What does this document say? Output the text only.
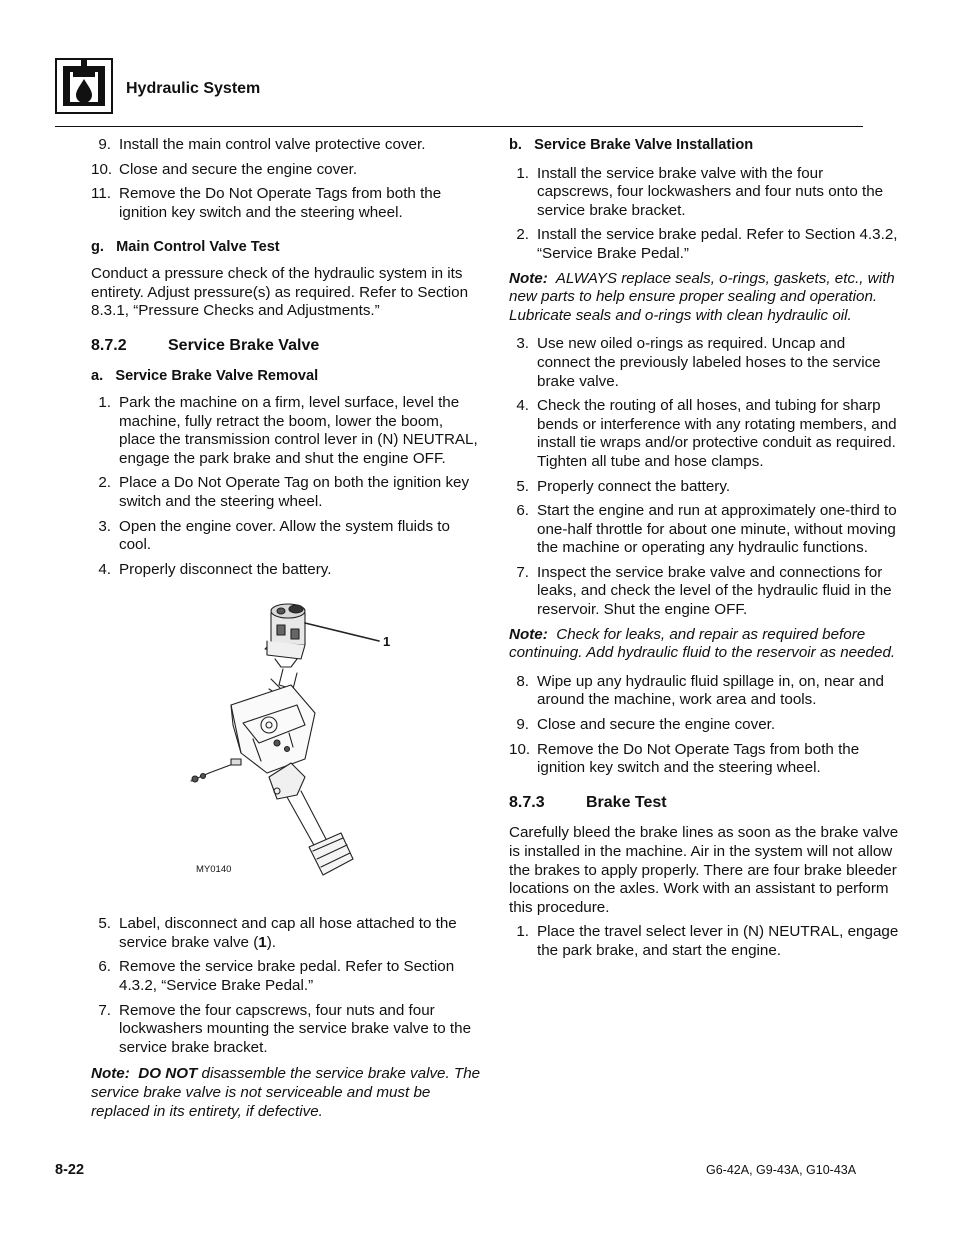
Hydraulic System
9. Install the main control valve protective cover.
10. Close and secure the engine cover.
11. Remove the Do Not Operate Tags from both the ignition key switch and the steering wheel.
g.   Main Control Valve Test
Conduct a pressure check of the hydraulic system in its entirety. Adjust pressure(s) as required. Refer to Section 8.3.1, “Pressure Checks and Adjustments.”
8.7.2	Service Brake Valve
a.   Service Brake Valve Removal
1. Park the machine on a firm, level surface, level the machine, fully retract the boom, lower the boom, place the transmission control lever in (N) NEUTRAL, engage the park brake and shut the engine OFF.
2. Place a Do Not Operate Tag on both the ignition key switch and the steering wheel.
3. Open the engine cover. Allow the system fluids to cool.
4. Properly disconnect the battery.
1
MY0140
5. Label, disconnect and cap all hose attached to the service brake valve (1).
6. Remove the service brake pedal. Refer to Section 4.3.2, “Service Brake Pedal.”
7. Remove the four capscrews, four nuts and four lockwashers mounting the service brake valve to the service brake bracket.
Note:  DO NOT disassemble the service brake valve. The service brake valve is not serviceable and must be replaced in its entirety, if defective.
b.   Service Brake Valve Installation
1. Install the service brake valve with the four capscrews, four lockwashers and four nuts onto the service brake bracket.
2. Install the service brake pedal. Refer to Section 4.3.2, “Service Brake Pedal.”
Note:  ALWAYS replace seals, o-rings, gaskets, etc., with new parts to help ensure proper sealing and operation. Lubricate seals and o-rings with clean hydraulic oil.
3. Use new oiled o-rings as required. Uncap and connect the previously labeled hoses to the service brake valve.
4. Check the routing of all hoses, and tubing for sharp bends or interference with any rotating members, and install tie wraps and/or protective conduit as required. Tighten all tube and hose clamps.
5. Properly connect the battery.
6. Start the engine and run at approximately one-third to one-half throttle for about one minute, without moving the machine or operating any hydraulic functions.
7. Inspect the service brake valve and connections for leaks, and check the level of the hydraulic fluid in the reservoir. Shut the engine OFF.
Note:  Check for leaks, and repair as required before continuing. Add hydraulic fluid to the reservoir as needed.
8. Wipe up any hydraulic fluid spillage in, on, near and around the machine, work area and tools.
9. Close and secure the engine cover.
10. Remove the Do Not Operate Tags from both the ignition key switch and the steering wheel.
8.7.3	Brake Test
Carefully bleed the brake lines as soon as the brake valve is installed in the machine. Air in the system will not allow the brakes to apply properly. There are four brake bleeder locations on the axles. Work with an assistant to perform this procedure.
1. Place the travel select lever in (N) NEUTRAL, engage the park brake, and start the engine.
8-22	G6-42A, G9-43A, G10-43A
